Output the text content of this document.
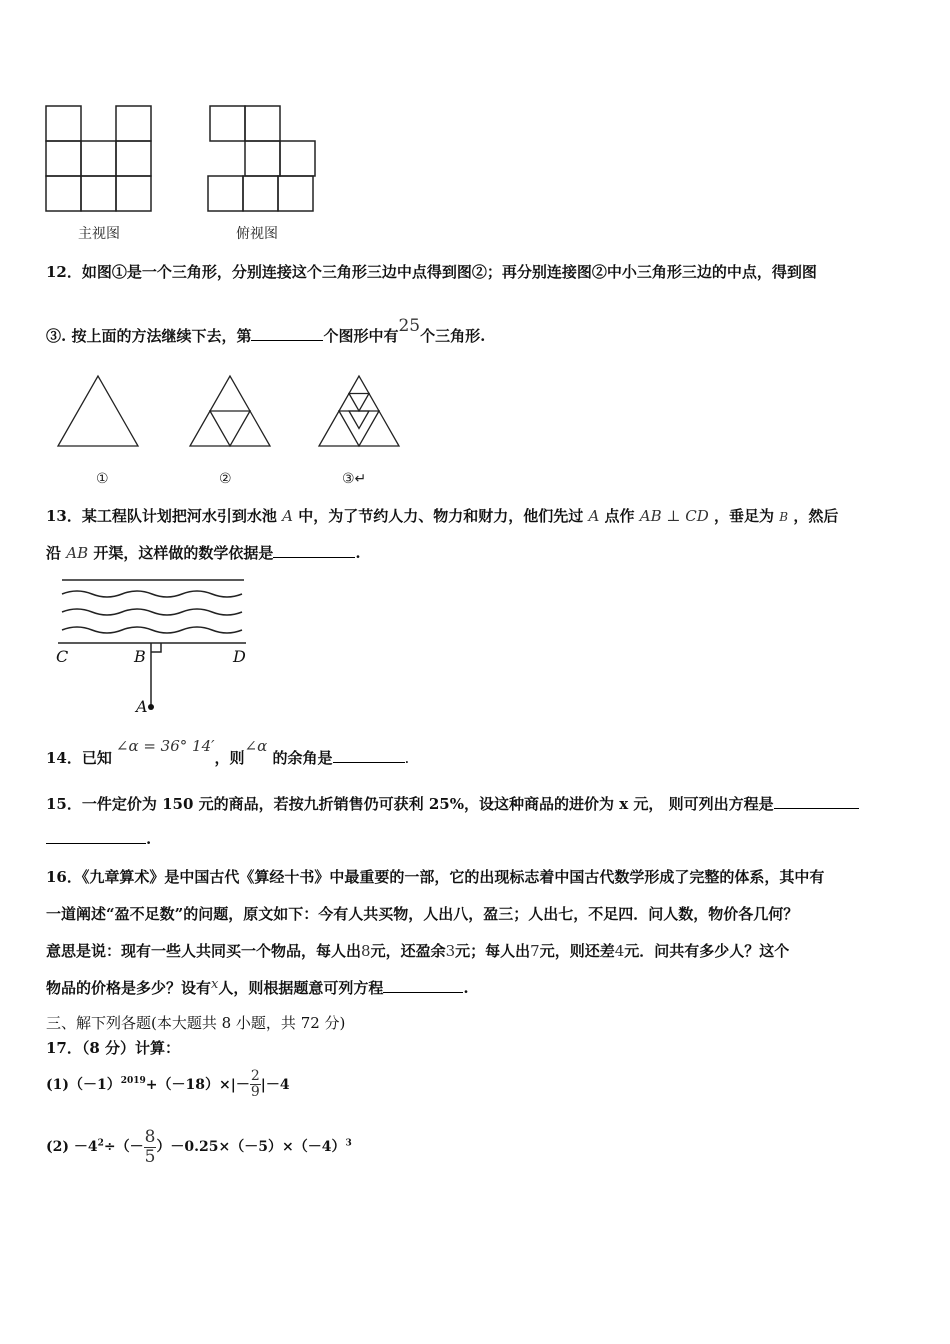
主视图	俯视图
12．如图①是一个三角形，分别连接这个三角形三边中点得到图②；再分别连接图②中小三角形三边的中点，得到图
③. 按上面的方法继续下去，第	个图形中有25个三角形.
①	②	③↵
13．某工程队计划把河水引到水池 A 中，为了节约人力、物力和财力，他们先过 A 点作 AB ⊥ CD ，垂足为 B ，然后
沿 AB 开渠，这样做的数学依据是	.
C	B	D
A
14．已知∠α = 36° 14′，则∠α 的余角是	.
15．一件定价为 150 元的商品，若按九折销售仍可获利 25%，设这种商品的进价为 x 元， 则可列出方程是
.
16．《九章算术》是中国古代《算经十书》中最重要的一部，它的出现标志着中国古代数学形成了完整的体系，其中有
一道阐述“盈不足数”的问题，原文如下：今有人共买物，人出八，盈三；人出七，不足四．问人数，物价各几何？
意思是说：现有一些人共同买一个物品，每人出8元，还盈余3元；每人出7元，则还差4元．问共有多少人？这个
物品的价格是多少？设有x人，则根据题意可列方程	.
三、解下列各题(本大题共 8 小题，共 72 分)
17．（8 分）计算：
$(1)(-1)^{2019}+(-18)\times|- \frac{2}{9} |-4$
$(2) -4^2\div(- \frac{8}{5} )-0.25\times(-5)\times(-4)^3$
